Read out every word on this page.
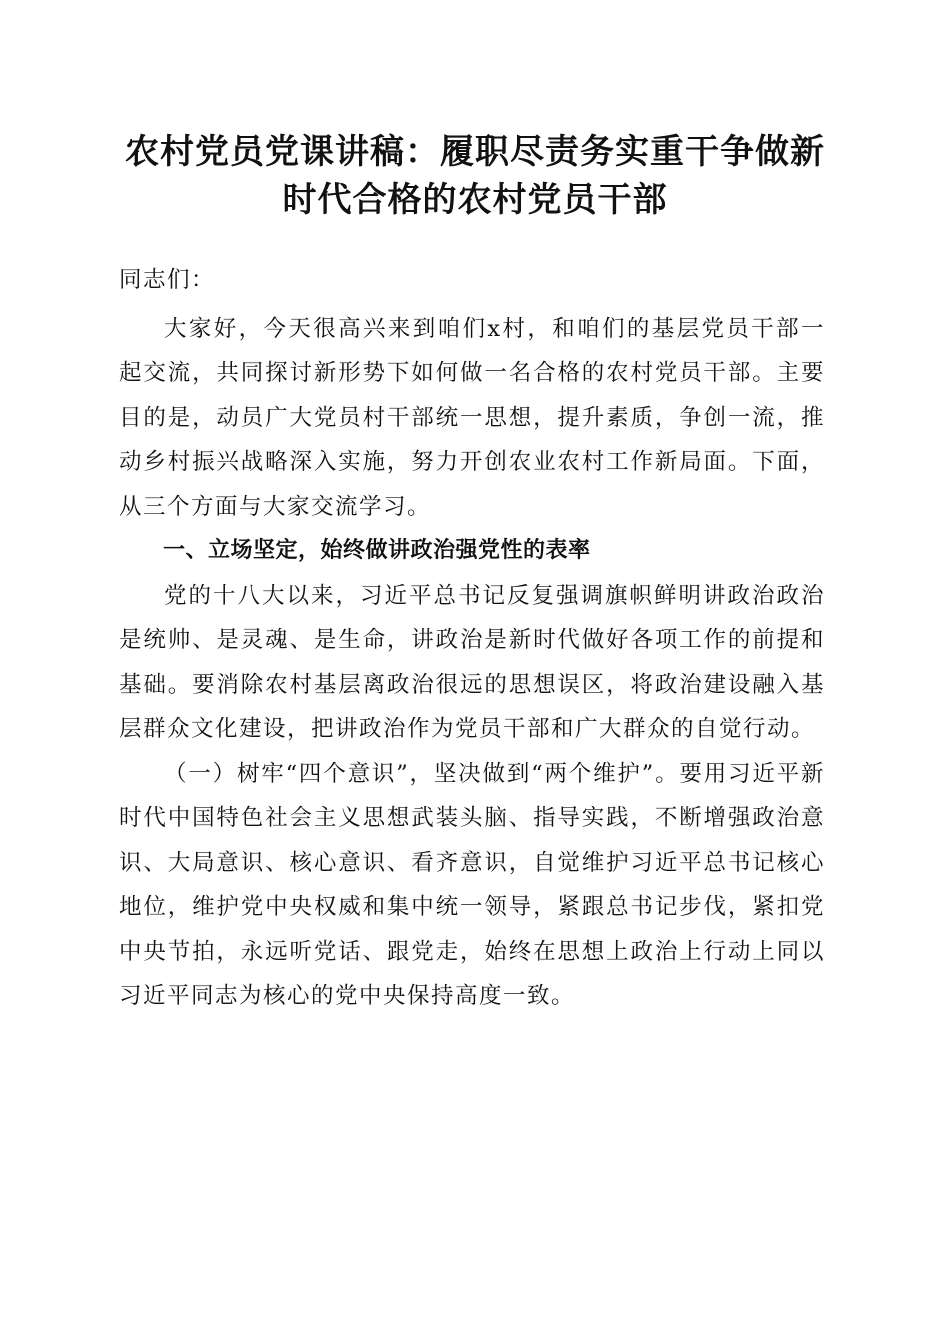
农村党员党课讲稿：履职尽责务实重干争做新
时代合格的农村党员干部

同志们：

大家好，今天很高兴来到咱们x村，和咱们的基层党员干部一起交流，共同探讨新形势下如何做一名合格的农村党员干部。主要目的是，动员广大党员村干部统一思想，提升素质，争创一流，推动乡村振兴战略深入实施，努力开创农业农村工作新局面。下面，从三个方面与大家交流学习。

一、立场坚定，始终做讲政治强党性的表率

党的十八大以来，习近平总书记反复强调旗帜鲜明讲政治政治是统帅、是灵魂、是生命，讲政治是新时代做好各项工作的前提和基础。要消除农村基层离政治很远的思想误区，将政治建设融入基层群众文化建设，把讲政治作为党员干部和广大群众的自觉行动。

（一）树牢“四个意识”，坚决做到“两个维护”。要用习近平新时代中国特色社会主义思想武装头脑、指导实践，不断增强政治意识、大局意识、核心意识、看齐意识，自觉维护习近平总书记核心地位，维护党中央权威和集中统一领导，紧跟总书记步伐，紧扣党中央节拍，永远听党话、跟党走，始终在思想上政治上行动上同以习近平同志为核心的党中央保持高度一致。
